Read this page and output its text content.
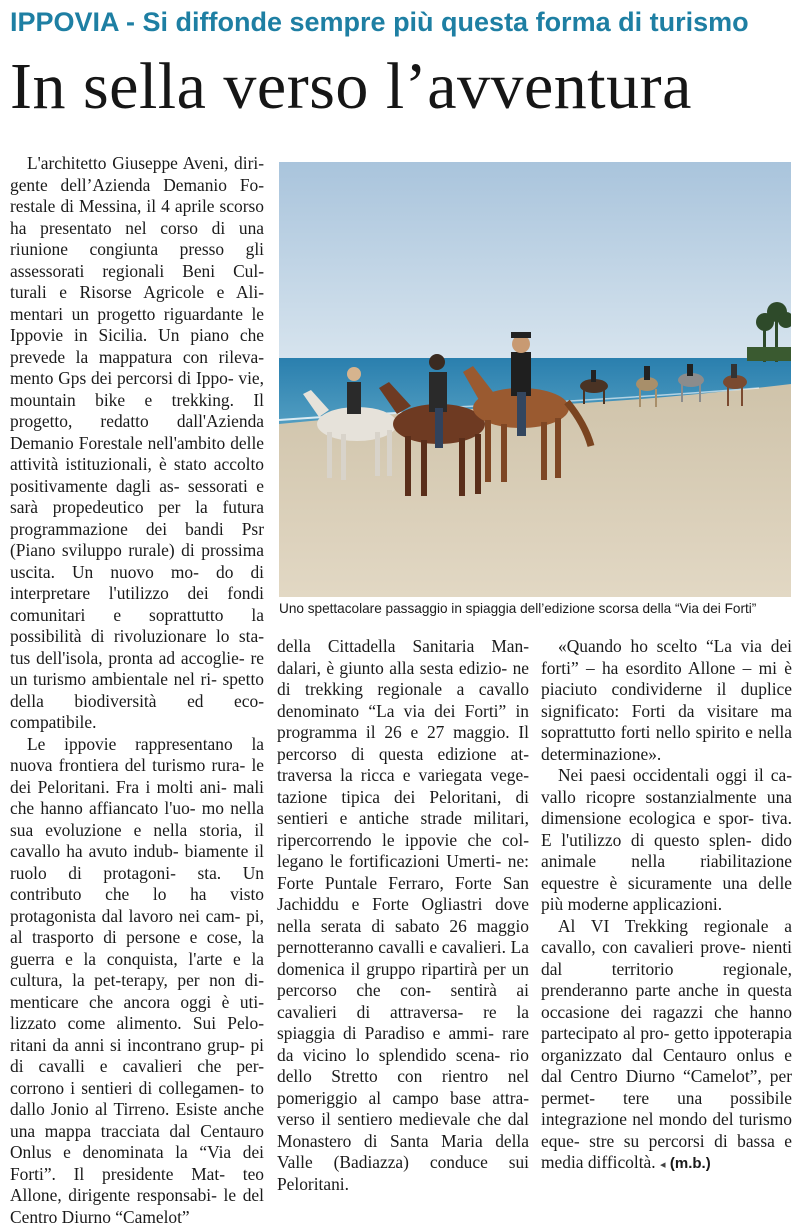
IPPOVIA - Si diffonde sempre più questa forma di turismo
In sella verso l’avventura

L'architetto Giuseppe Aveni, diri- gente dell’Azienda Demanio Fo- restale di Messina, il 4 aprile scorso ha presentato nel corso di una riunione congiunta presso gli assessorati regionali Beni Cul- turali e Risorse Agricole e Ali- mentari un progetto riguardante le Ippovie in Sicilia. Un piano che prevede la mappatura con rileva- mento Gps dei percorsi di Ippo- vie, mountain bike e trekking. Il progetto, redatto dall'Azienda Demanio Forestale nell'ambito delle attività istituzionali, è stato accolto positivamente dagli as- sessorati e sarà propedeutico per la futura programmazione dei bandi Psr (Piano sviluppo rurale) di prossima uscita. Un nuovo mo- do di interpretare l'utilizzo dei fondi comunitari e soprattutto la possibilità di rivoluzionare lo sta- tus dell'isola, pronta ad accoglie- re un turismo ambientale nel ri- spetto della biodiversità ed eco- compatibile.

Le ippovie rappresentano la nuova frontiera del turismo rura- le dei Peloritani. Fra i molti ani- mali che hanno affiancato l'uo- mo nella sua evoluzione e nella storia, il cavallo ha avuto indub- biamente il ruolo di protagoni- sta. Un contributo che lo ha visto protagonista dal lavoro nei cam- pi, al trasporto di persone e cose, la guerra e la conquista, l'arte e la cultura, la pet-terapy, per non di- menticare che ancora oggi è uti- lizzato come alimento. Sui Pelo- ritani da anni si incontrano grup- pi di cavalli e cavalieri che per- corrono i sentieri di collegamen- to dallo Jonio al Tirreno. Esiste anche una mappa tracciata dal Centauro Onlus e denominata la “Via dei Forti”. Il presidente Mat- teo Allone, dirigente responsabi- le del Centro Diurno “Camelot”

Uno spettacolare passaggio in spiaggia dell’edizione scorsa della “Via dei Forti”

della Cittadella Sanitaria Man- dalari, è giunto alla sesta edizio- ne di trekking regionale a cavallo denominato “La via dei Forti” in programma il 26 e 27 maggio. Il percorso di questa edizione at- traversa la ricca e variegata vege- tazione tipica dei Peloritani, di sentieri e antiche strade militari, ripercorrendo le ippovie che col- legano le fortificazioni Umerti- ne: Forte Puntale Ferraro, Forte San Jachiddu e Forte Ogliastri dove nella serata di sabato 26 maggio pernotteranno cavalli e cavalieri. La domenica il gruppo ripartirà per un percorso che con- sentirà ai cavalieri di attraversa- re la spiaggia di Paradiso e ammi- rare da vicino lo splendido scena- rio dello Stretto con rientro nel pomeriggio al campo base attra- verso il sentiero medievale che dal Monastero di Santa Maria della Valle (Badiazza) conduce sui Peloritani.

«Quando ho scelto “La via dei forti” – ha esordito Allone – mi è piaciuto condividerne il duplice significato: Forti da visitare ma soprattutto forti nello spirito e nella determinazione».

Nei paesi occidentali oggi il ca- vallo ricopre sostanzialmente una dimensione ecologica e spor- tiva. E l'utilizzo di questo splen- dido animale nella riabilitazione equestre è sicuramente una delle più moderne applicazioni.

Al VI Trekking regionale a cavallo, con cavalieri prove- nienti dal territorio regionale, prenderanno parte anche in questa occasione dei ragazzi che hanno partecipato al pro- getto ippoterapia organizzato dal Centauro onlus e dal Centro Diurno “Camelot”, per permet- tere una possibile integrazione nel mondo del turismo eque- stre su percorsi di bassa e media difficoltà. ◂ (m.b.)
